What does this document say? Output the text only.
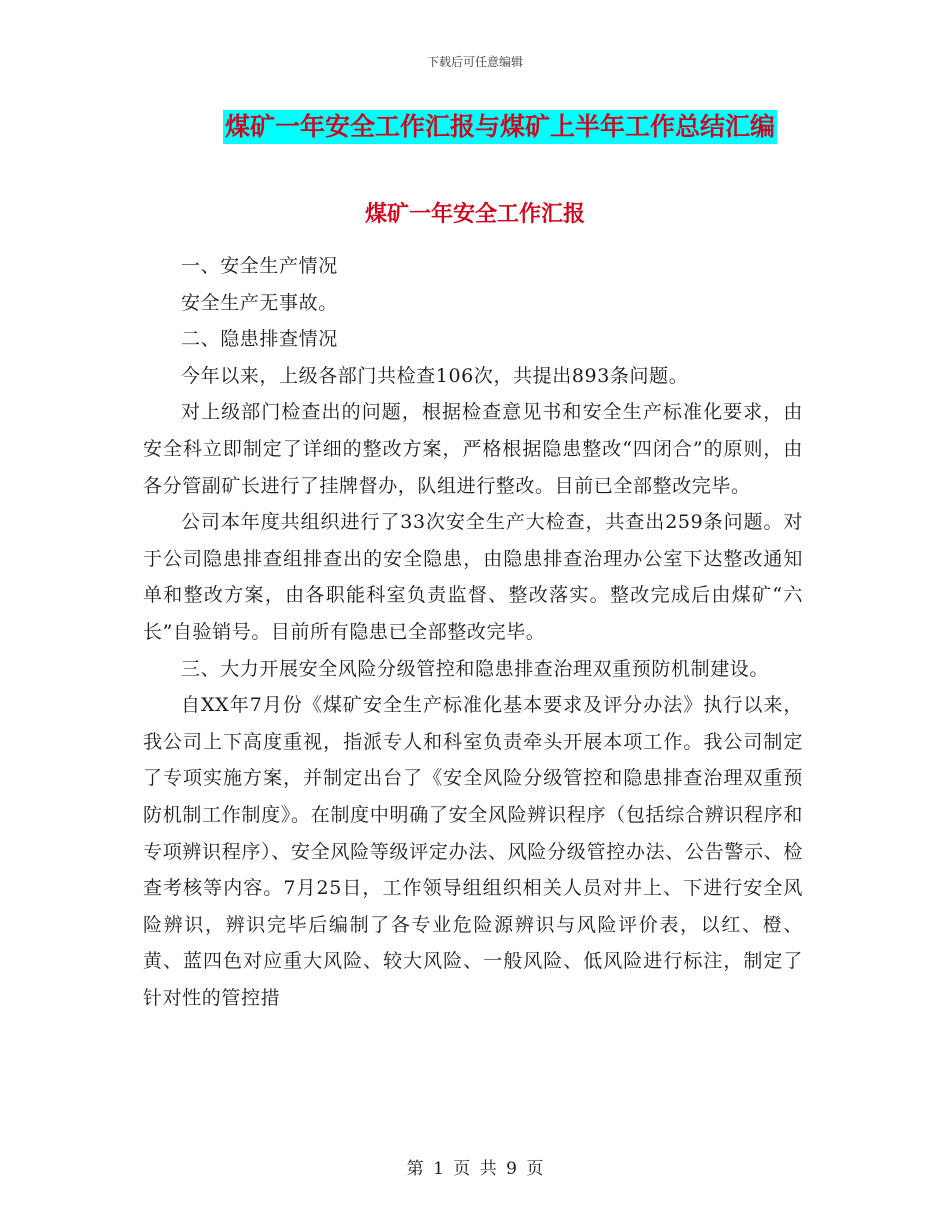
下载后可任意编辑
煤矿一年安全工作汇报与煤矿上半年工作总结汇编
煤矿一年安全工作汇报

一、安全生产情况

安全生产无事故。

二、隐患排查情况

今年以来，上级各部门共检查106次，共提出893条问题。

对上级部门检查出的问题，根据检查意见书和安全生产标准化要求，由安全科立即制定了详细的整改方案，严格根据隐患整改“四闭合”的原则，由各分管副矿长进行了挂牌督办，队组进行整改。目前已全部整改完毕。

公司本年度共组织进行了33次安全生产大检查，共查出259条问题。对于公司隐患排查组排查出的安全隐患，由隐患排查治理办公室下达整改通知单和整改方案，由各职能科室负责监督、整改落实。整改完成后由煤矿“六长”自验销号。目前所有隐患已全部整改完毕。

三、大力开展安全风险分级管控和隐患排查治理双重预防机制建设。

自XX年7月份《煤矿安全生产标准化基本要求及评分办法》执行以来，我公司上下高度重视，指派专人和科室负责牵头开展本项工作。我公司制定了专项实施方案，并制定出台了《安全风险分级管控和隐患排查治理双重预防机制工作制度》。在制度中明确了安全风险辨识程序（包括综合辨识程序和专项辨识程序）、安全风险等级评定办法、风险分级管控办法、公告警示、检查考核等内容。7月25日，工作领导组组织相关人员对井上、下进行安全风险辨识，辨识完毕后编制了各专业危险源辨识与风险评价表，以红、橙、黄、蓝四色对应重大风险、较大风险、一般风险、低风险进行标注，制定了针对性的管控措

第 1 页 共 9 页
